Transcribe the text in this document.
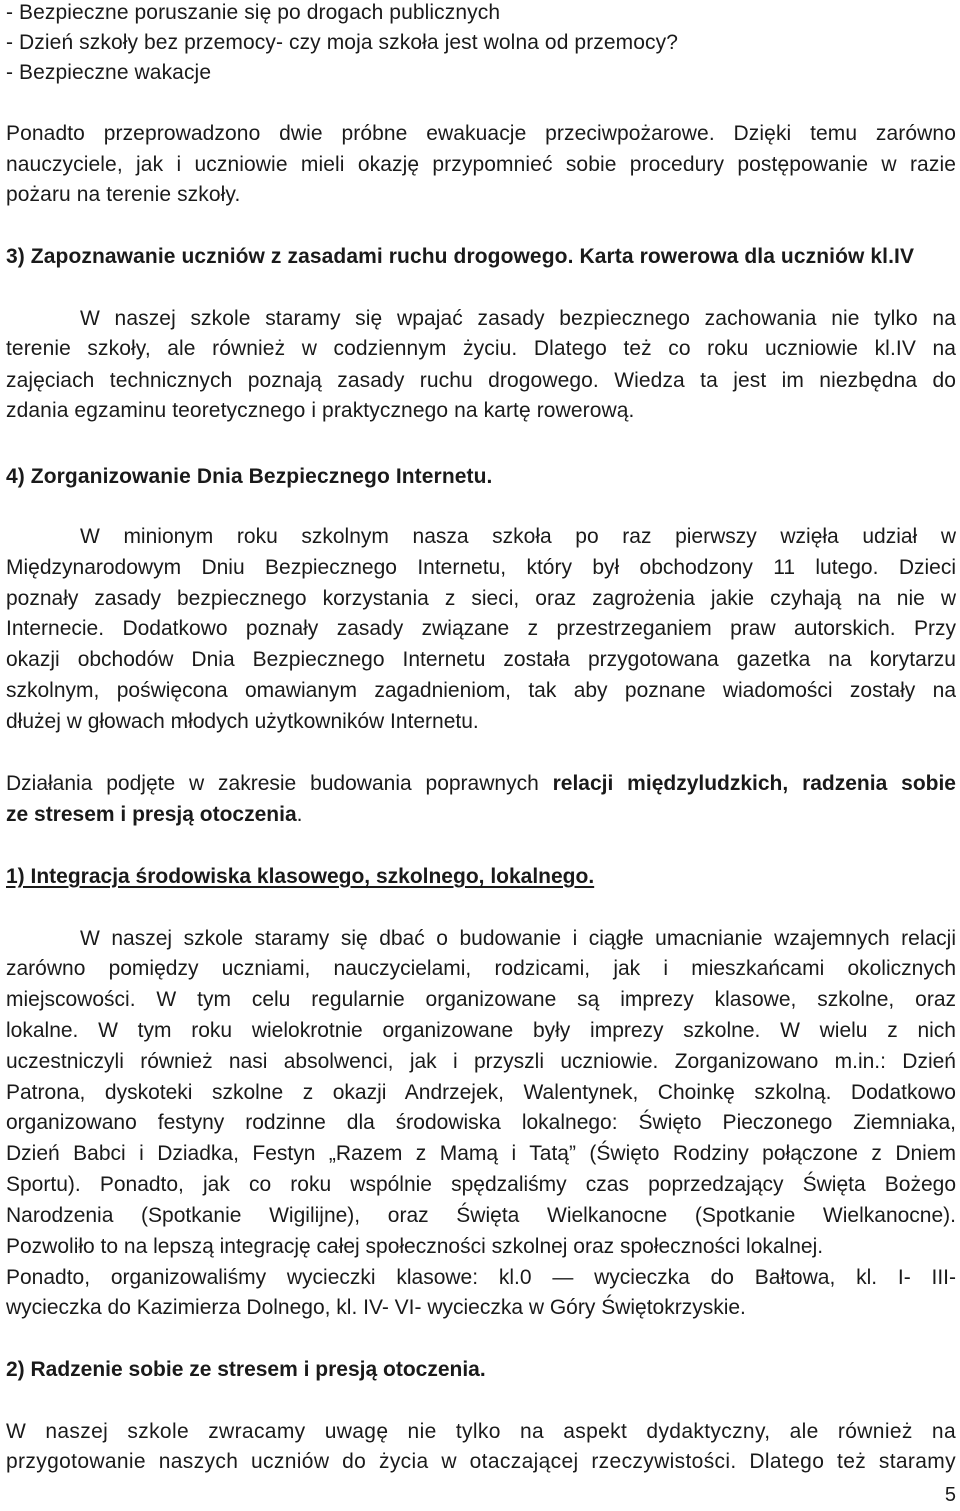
- Bezpieczne poruszanie się po drogach publicznych
- Dzień szkoły bez przemocy- czy moja szkoła jest wolna od przemocy?
- Bezpieczne wakacje
Ponadto przeprowadzono dwie próbne ewakuacje przeciwpożarowe. Dzięki temu zarówno
nauczyciele, jak i uczniowie mieli okazję przypomnieć sobie procedury postępowanie w razie
pożaru na terenie szkoły.
3) Zapoznawanie uczniów z zasadami ruchu drogowego. Karta rowerowa dla uczniów kl.IV
W naszej szkole staramy się wpajać zasady bezpiecznego zachowania nie tylko na
terenie szkoły, ale również w codziennym życiu. Dlatego też co roku uczniowie kl.IV na
zajęciach technicznych poznają zasady ruchu drogowego. Wiedza ta jest im niezbędna do
zdania egzaminu teoretycznego i praktycznego na kartę rowerową.
4) Zorganizowanie Dnia Bezpiecznego Internetu.
W minionym roku szkolnym nasza szkoła po raz pierwszy wzięła udział w
Międzynarodowym Dniu Bezpiecznego Internetu, który był obchodzony 11 lutego. Dzieci
poznały zasady bezpiecznego korzystania z sieci, oraz zagrożenia jakie czyhają na nie w
Internecie. Dodatkowo poznały zasady związane z przestrzeganiem praw autorskich. Przy
okazji obchodów Dnia Bezpiecznego Internetu została przygotowana gazetka na korytarzu
szkolnym, poświęcona omawianym zagadnieniom, tak aby poznane wiadomości zostały na
dłużej w głowach młodych użytkowników Internetu.
Działania podjęte w zakresie budowania poprawnych relacji międzyludzkich, radzenia sobie
ze stresem i presją otoczenia.
1) Integracja środowiska klasowego, szkolnego, lokalnego.
W naszej szkole staramy się dbać o budowanie i ciągłe umacnianie wzajemnych relacji
zarówno pomiędzy uczniami, nauczycielami, rodzicami, jak i mieszkańcami okolicznych
miejscowości. W tym celu regularnie organizowane są imprezy klasowe, szkolne, oraz
lokalne. W tym roku wielokrotnie organizowane były imprezy szkolne. W wielu z nich
uczestniczyli również nasi absolwenci, jak i przyszli uczniowie. Zorganizowano m.in.: Dzień
Patrona, dyskoteki szkolne z okazji Andrzejek, Walentynek, Choinkę szkolną. Dodatkowo
organizowano festyny rodzinne dla środowiska lokalnego: Święto Pieczonego Ziemniaka,
Dzień Babci i Dziadka, Festyn „Razem z Mamą i Tatą” (Święto Rodziny połączone z Dniem
Sportu). Ponadto, jak co roku wspólnie spędzaliśmy czas poprzedzający Święta Bożego
Narodzenia (Spotkanie Wigilijne), oraz Święta Wielkanocne (Spotkanie Wielkanocne).
Pozwoliło to na lepszą integrację całej społeczności szkolnej oraz społeczności lokalnej.
Ponadto, organizowaliśmy wycieczki klasowe: kl.0 — wycieczka do Bałtowa, kl. I- III-
wycieczka do Kazimierza Dolnego, kl. IV- VI- wycieczka w Góry Świętokrzyskie.
2) Radzenie sobie ze stresem i presją otoczenia.
W naszej szkole zwracamy uwagę nie tylko na aspekt dydaktyczny, ale również na
przygotowanie naszych uczniów do życia w otaczającej rzeczywistości. Dlatego też staramy
5
